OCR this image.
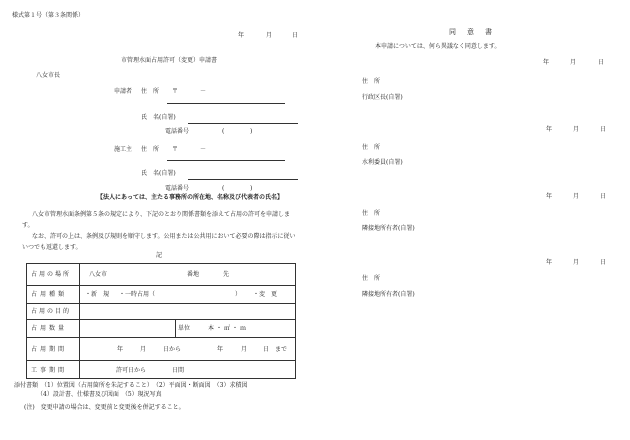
様式第１号（第３条関係）
年	月	日
市管理水面占用許可（変更）申請書
八女市長
申請者 住　所 〒	－
氏　名(自署)
電話番号	(	)
施工主 住　所 〒	－
氏　名(自署)
電話番号	(	)
【法人にあっては、主たる事務所の所在地、名称及び代表者の氏名】
八女市管理水面条例第５条の規定により、下記のとおり関係書類を添えて占用の許可を申請します。
なお、許可の上は、条例及び規則を順守します。公用または公共用において必要の際は指示に従いいつでも返還します。
記
占用の場所	八女市	番地	先
占用種類	・新　規 ・一時占用（	） ・変　更
占用の目的
占用数量	単位	本・㎡・ｍ
占用期間	年	月	日から	年	月	日　まで
工事期間	許可日から	日間
添付書類　（1）位置図（占用箇所を朱記すること）　（2）平面図・断面図　（3）求積図
（4）設計書、仕様書及び図面　（5）現況写真
(注)　変更申請の場合は、変更前と変更後を併記すること。
同　意　書
本申請については、何ら異議なく同意します。
年	月	日
住　所
行政区長(自署)
年	月	日
住　所
水利委員(自署)
年	月	日
住　所
隣接地所有者(自署)
年	月	日
住　所
隣接地所有者(自署)
